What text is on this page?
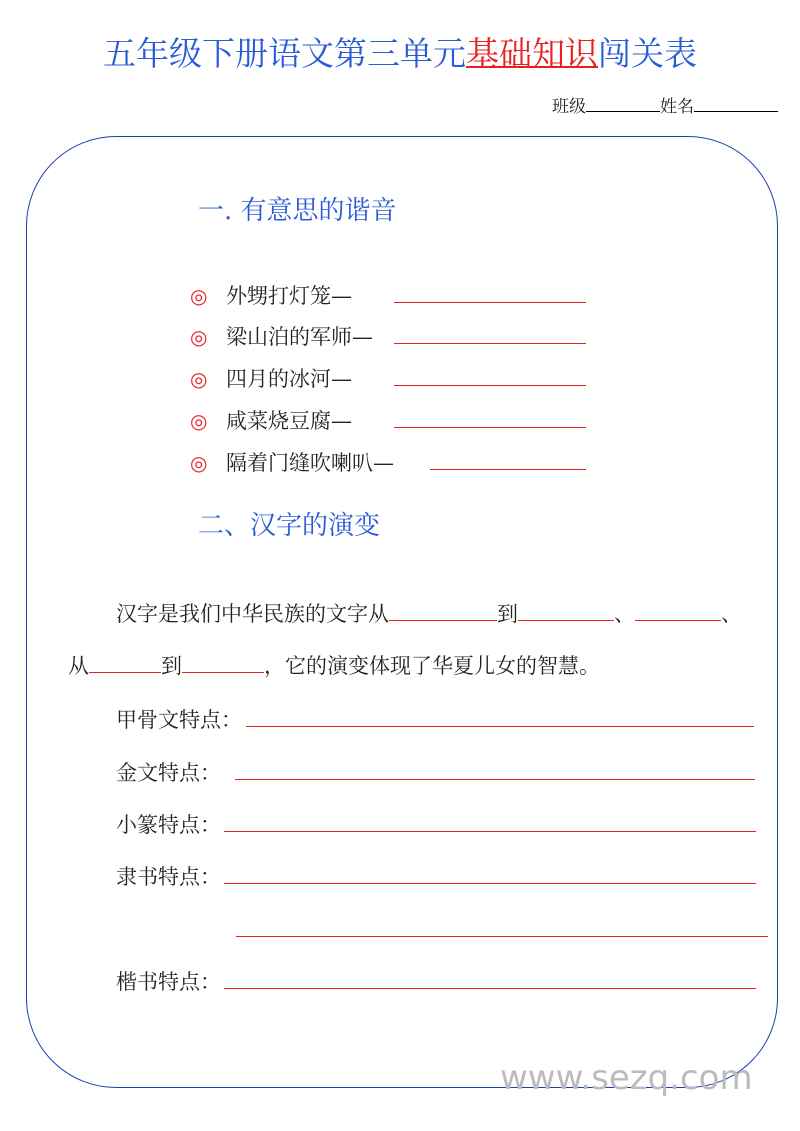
五年级下册语文第三单元基础知识闯关表
班级	姓名
一. 有意思的谐音
◎ 外甥打灯笼—
◎ 梁山泊的军师—
◎ 四月的冰河—
◎ 咸菜烧豆腐—
◎ 隔着门缝吹喇叭—
二、汉字的演变
汉字是我们中华民族的文字从	到	、	、
从	到	，它的演变体现了华夏儿女的智慧。
甲骨文特点：
金文特点：
小篆特点：
隶书特点：
楷书特点：
www.sezq.com
